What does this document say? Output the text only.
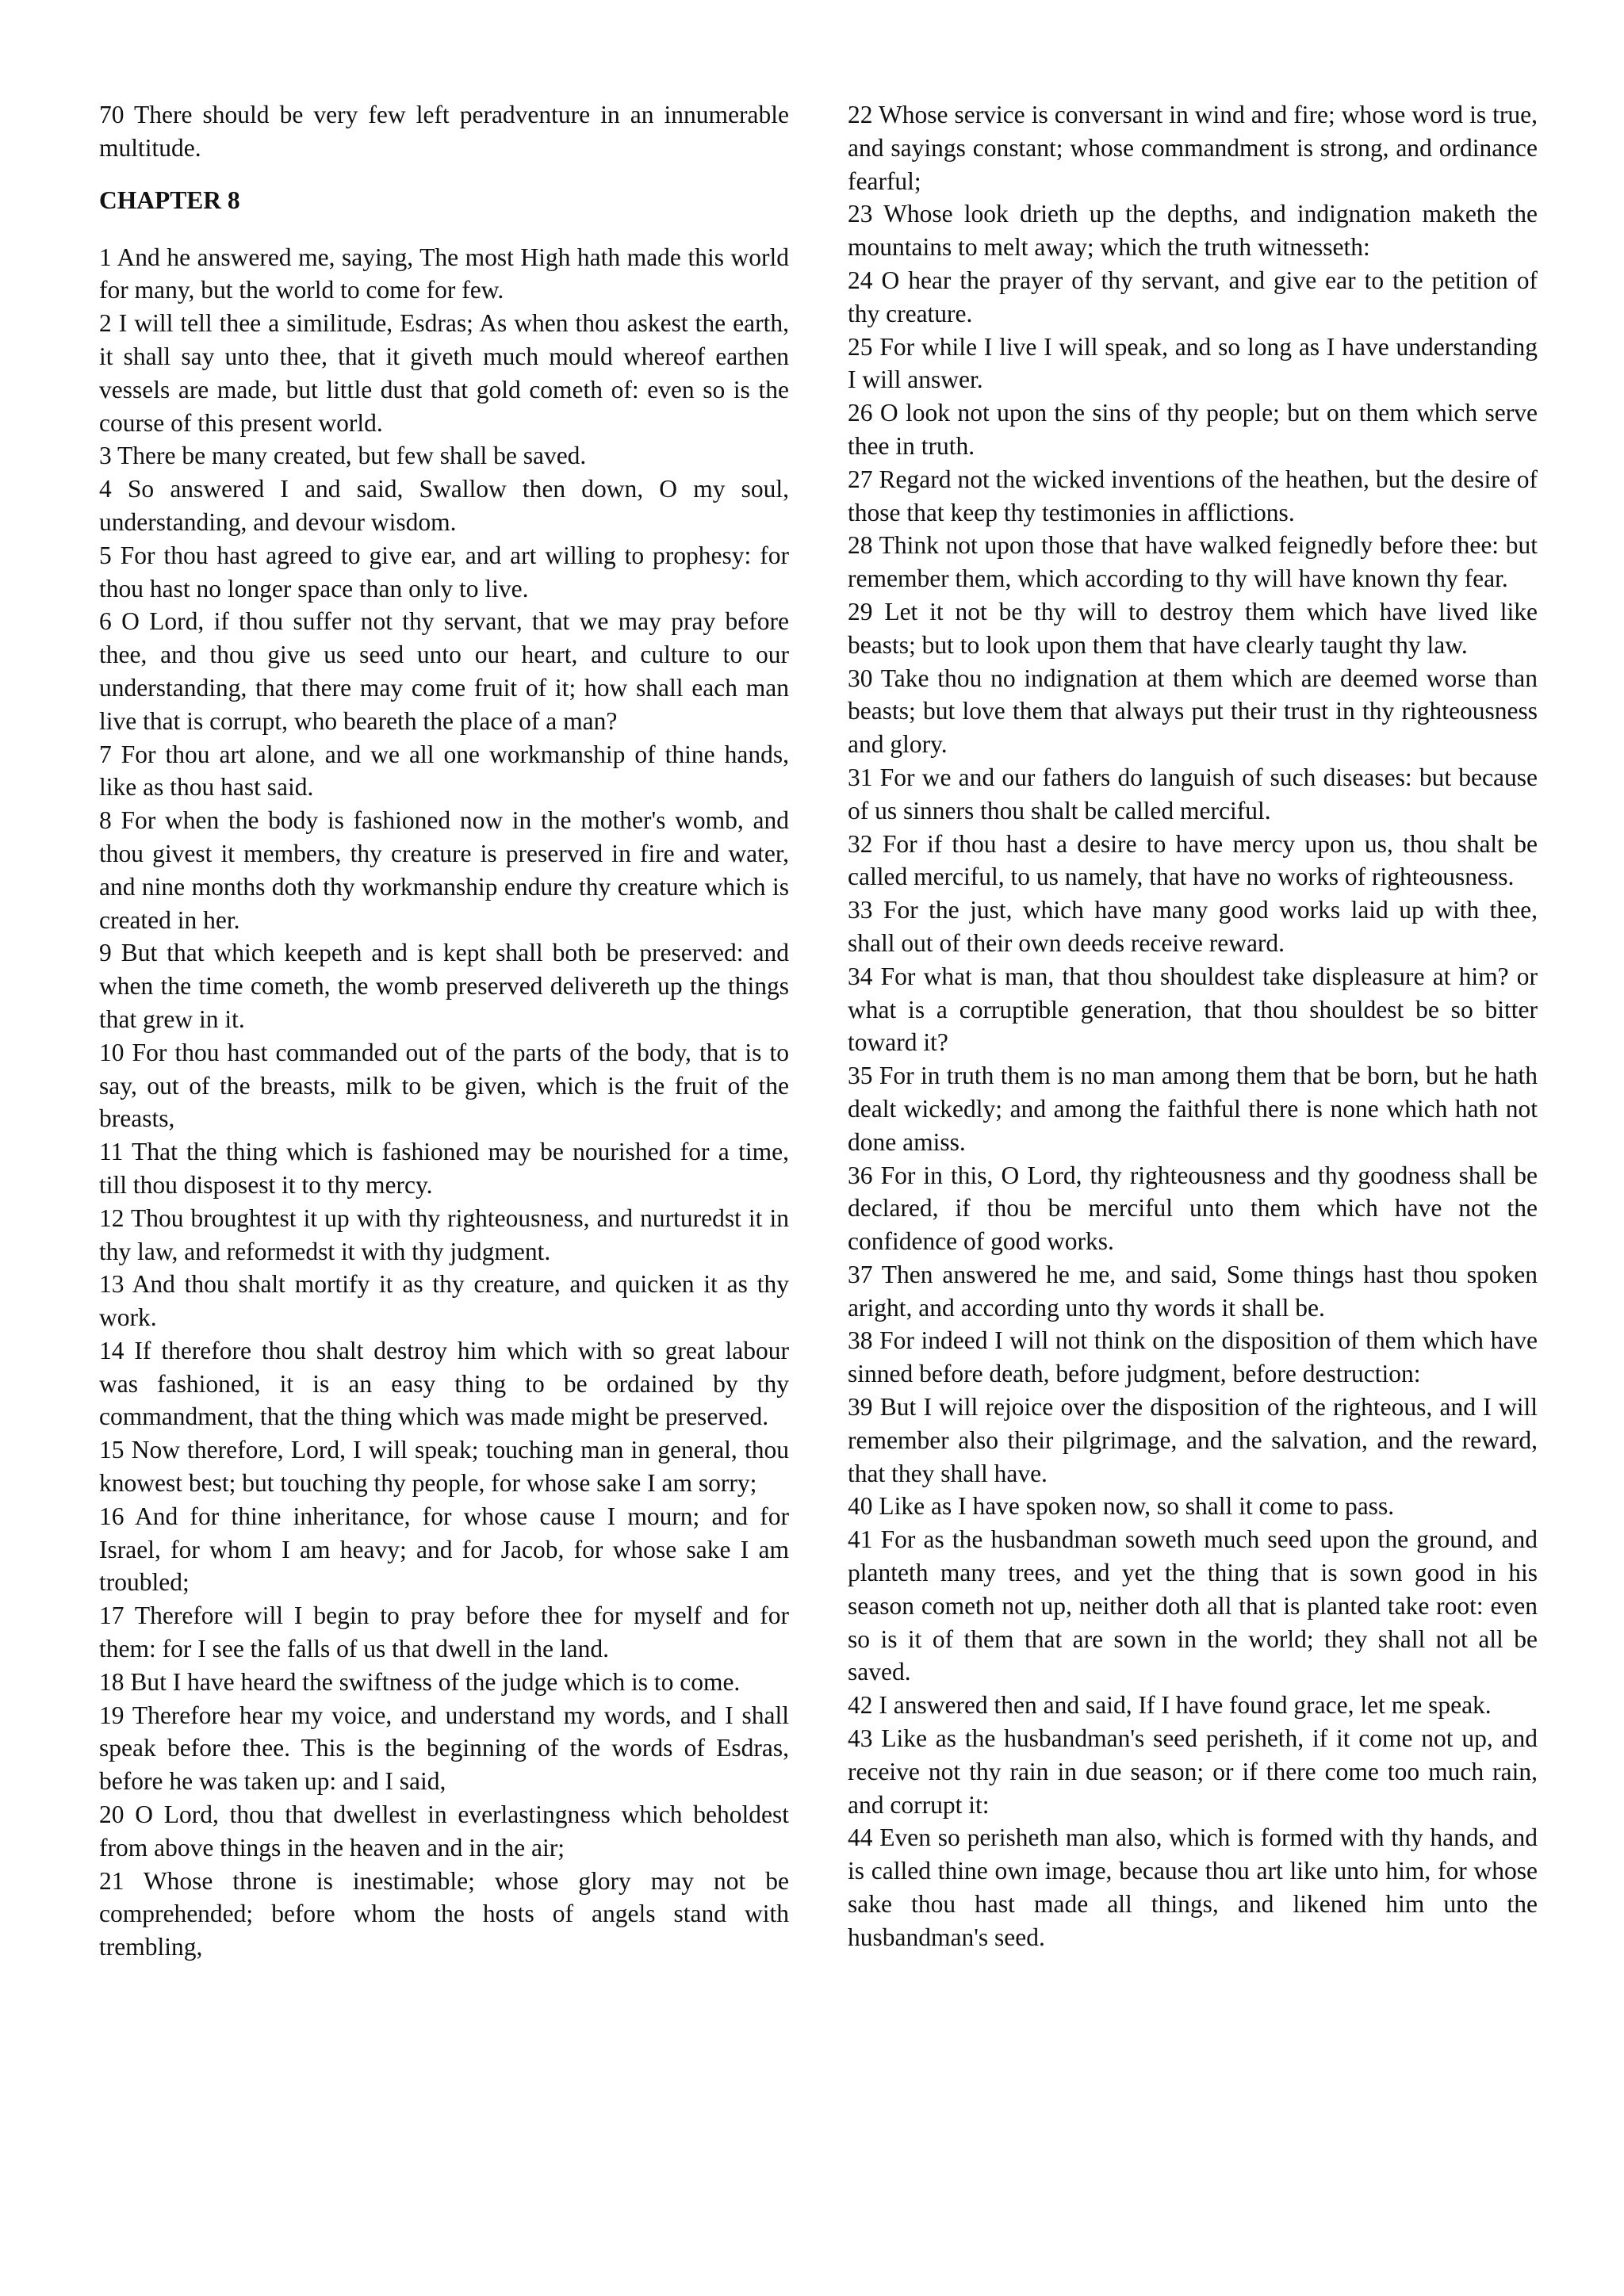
70 There should be very few left peradventure in an innumerable multitude.

CHAPTER 8

1 And he answered me, saying, The most High hath made this world for many, but the world to come for few.

2 I will tell thee a similitude, Esdras; As when thou askest the earth, it shall say unto thee, that it giveth much mould whereof earthen vessels are made, but little dust that gold cometh of: even so is the course of this present world.

3 There be many created, but few shall be saved.

4 So answered I and said, Swallow then down, O my soul, understanding, and devour wisdom.

5 For thou hast agreed to give ear, and art willing to prophesy: for thou hast no longer space than only to live.

6 O Lord, if thou suffer not thy servant, that we may pray before thee, and thou give us seed unto our heart, and culture to our understanding, that there may come fruit of it; how shall each man live that is corrupt, who beareth the place of a man?

7 For thou art alone, and we all one workmanship of thine hands, like as thou hast said.

8 For when the body is fashioned now in the mother's womb, and thou givest it members, thy creature is preserved in fire and water, and nine months doth thy workmanship endure thy creature which is created in her.

9 But that which keepeth and is kept shall both be preserved: and when the time cometh, the womb preserved delivereth up the things that grew in it.

10 For thou hast commanded out of the parts of the body, that is to say, out of the breasts, milk to be given, which is the fruit of the breasts,

11 That the thing which is fashioned may be nourished for a time, till thou disposest it to thy mercy.

12 Thou broughtest it up with thy righteousness, and nurturedst it in thy law, and reformedst it with thy judgment.

13 And thou shalt mortify it as thy creature, and quicken it as thy work.

14 If therefore thou shalt destroy him which with so great labour was fashioned, it is an easy thing to be ordained by thy commandment, that the thing which was made might be preserved.

15 Now therefore, Lord, I will speak; touching man in general, thou knowest best; but touching thy people, for whose sake I am sorry;

16 And for thine inheritance, for whose cause I mourn; and for Israel, for whom I am heavy; and for Jacob, for whose sake I am troubled;

17 Therefore will I begin to pray before thee for myself and for them: for I see the falls of us that dwell in the land.

18 But I have heard the swiftness of the judge which is to come.

19 Therefore hear my voice, and understand my words, and I shall speak before thee. This is the beginning of the words of Esdras, before he was taken up: and I said,

20 O Lord, thou that dwellest in everlastingness which beholdest from above things in the heaven and in the air;

21 Whose throne is inestimable; whose glory may not be comprehended; before whom the hosts of angels stand with trembling,

22 Whose service is conversant in wind and fire; whose word is true, and sayings constant; whose commandment is strong, and ordinance fearful;

23 Whose look drieth up the depths, and indignation maketh the mountains to melt away; which the truth witnesseth:

24 O hear the prayer of thy servant, and give ear to the petition of thy creature.

25 For while I live I will speak, and so long as I have understanding I will answer.

26 O look not upon the sins of thy people; but on them which serve thee in truth.

27 Regard not the wicked inventions of the heathen, but the desire of those that keep thy testimonies in afflictions.

28 Think not upon those that have walked feignedly before thee: but remember them, which according to thy will have known thy fear.

29 Let it not be thy will to destroy them which have lived like beasts; but to look upon them that have clearly taught thy law.

30 Take thou no indignation at them which are deemed worse than beasts; but love them that always put their trust in thy righteousness and glory.

31 For we and our fathers do languish of such diseases: but because of us sinners thou shalt be called merciful.

32 For if thou hast a desire to have mercy upon us, thou shalt be called merciful, to us namely, that have no works of righteousness.

33 For the just, which have many good works laid up with thee, shall out of their own deeds receive reward.

34 For what is man, that thou shouldest take displeasure at him? or what is a corruptible generation, that thou shouldest be so bitter toward it?

35 For in truth them is no man among them that be born, but he hath dealt wickedly; and among the faithful there is none which hath not done amiss.

36 For in this, O Lord, thy righteousness and thy goodness shall be declared, if thou be merciful unto them which have not the confidence of good works.

37 Then answered he me, and said, Some things hast thou spoken aright, and according unto thy words it shall be.

38 For indeed I will not think on the disposition of them which have sinned before death, before judgment, before destruction:

39 But I will rejoice over the disposition of the righteous, and I will remember also their pilgrimage, and the salvation, and the reward, that they shall have.

40 Like as I have spoken now, so shall it come to pass.

41 For as the husbandman soweth much seed upon the ground, and planteth many trees, and yet the thing that is sown good in his season cometh not up, neither doth all that is planted take root: even so is it of them that are sown in the world; they shall not all be saved.

42 I answered then and said, If I have found grace, let me speak.

43 Like as the husbandman's seed perisheth, if it come not up, and receive not thy rain in due season; or if there come too much rain, and corrupt it:

44 Even so perisheth man also, which is formed with thy hands, and is called thine own image, because thou art like unto him, for whose sake thou hast made all things, and likened him unto the husbandman's seed.
